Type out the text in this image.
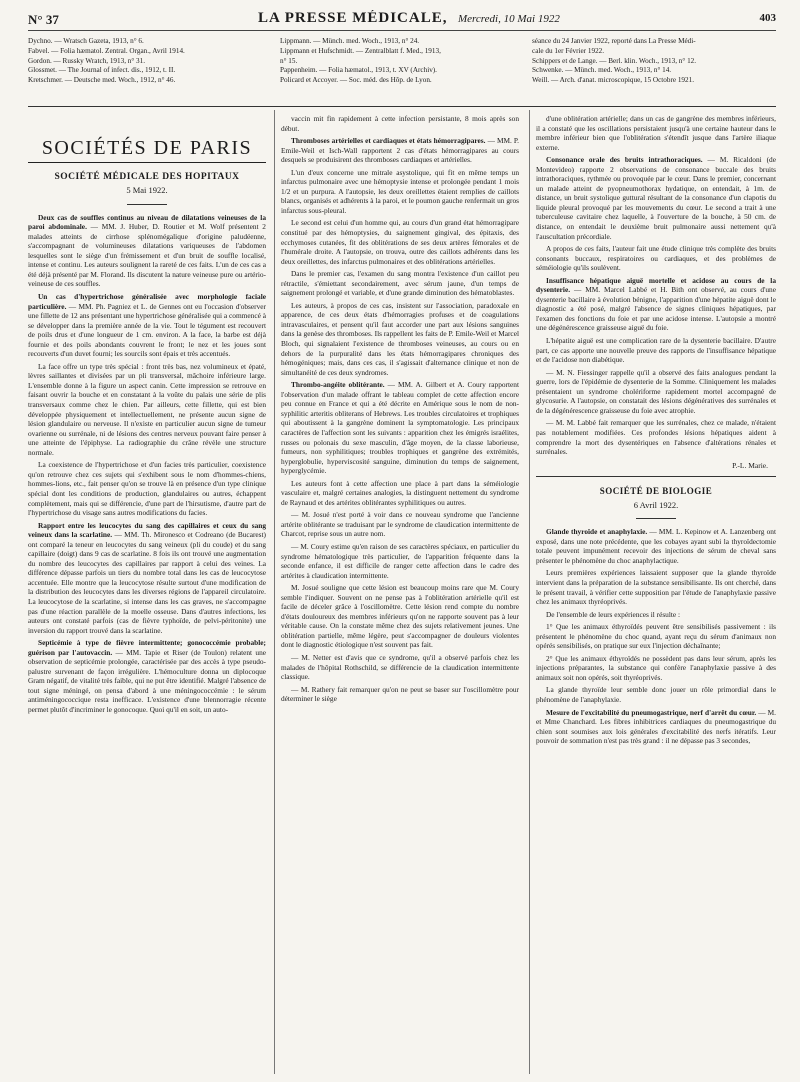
N° 37	LA PRESSE MÉDICALE, Mercredi, 10 Mai 1922	403
Dychno. — Wratsch Gazeta, 1913, n° 6.
Fabvel. — Folia hæmatol. Zentral. Organ., Avril 1914.
Gordon. — Russky Wratch, 1913, n° 31.
Glossmet. — The Journal of infect. dis., 1912, t. II.
Kretschmer. — Deutsche med. Woch., 1912, n° 46.
Lippmann. — Münch. med. Woch., 1913, n° 24.
Lippmann et Hufschmidt. — Zentralblatt f. Med., 1913,
n° 15.
Pappenheim. — Folia hæmatol., 1913, t. XV (Archiv).
Policard et Accoyer. — Soc. méd. des Hôp. de Lyon.
séance du 24 Janvier 1922, reporté dans La Presse Médi-
cale du 1er Février 1922.
Schippers et de Lange. — Berl. klin. Woch., 1913, n° 12.
Schwenke. — Münch. med. Woch., 1913, n° 14.
Weill. — Arch. d'anat. microscopique, 15 Octobre 1921.
SOCIÉTÉS DE PARIS
SOCIÉTÉ MÉDICALE DES HOPITAUX
5 Mai 1922.

Deux cas de souffles continus au niveau de dilatations veineuses de la paroi abdominale. — MM. J. Huber, D. Routier et M. Wolf présentent 2 malades atteints de cirrhose splénomégalique d'origine paludéenne, s'accompagnant de volumineuses dilatations variqueuses de l'abdomen lesquelles sont le siège d'un frémissement et d'un bruit de souffle localisé, intense et continu. Les auteurs soulignent la rareté de ces faits. L'un de ces cas a été déjà présenté par M. Florand. Ils discutent la nature veineuse pure ou artério-veineuse de ces souffles.

Un cas d'hypertrichose généralisée avec morphologie faciale particulière. — MM. Ph. Pagniez et L. de Gennes ont eu l'occasion d'observer une fillette de 12 ans présentant une hypertrichose généralisée qui a commencé à se développer dans la première année de la vie. Tout le tégument est recouvert de poils drus et d'une longueur de 1 cm. environ. A la face, la barbe est déjà fournie et des poils abondants couvrent le front; le nez et les joues sont recouverts d'un duvet fourni; les sourcils sont épais et très accentués.

La face offre un type très spécial : front très bas, nez volumineux et épaté, lèvres saillantes et divisées par un pli transversal, mâchoire inférieure large. L'ensemble donne à la figure un aspect canin. Cette impression se retrouve en faisant ouvrir la bouche et en constatant à la voûte du palais une série de plis transversaux comme chez le chien. Par ailleurs, cette fillette, qui est bien développée physiquement et intellectuellement, ne présente aucun signe de lésion glandulaire ou nerveuse. Il n'existe en particulier aucun signe de tumeur ovarienne ou surrénale, ni de lésions des centres nerveux pouvant faire penser à une atteinte de l'épiphyse. La radiographie du crâne révèle une structure normale.

La coexistence de l'hypertrichose et d'un facies très particulier, coexistence qu'on retrouve chez ces sujets qui s'exhibent sous le nom d'hommes-chiens, hommes-lions, etc., fait penser qu'on se trouve là en présence d'un type clinique spécial dont les conditions de production, glandulaires ou autres, échappent complètement, mais qui se différencie, d'une part de l'hirsutisme, d'autre part de l'hypertrichose du visage sans autres modifications du facies.

Rapport entre les leucocytes du sang des capillaires et ceux du sang veineux dans la scarlatine. — MM. Th. Mironesco et Codreano (de Bucarest) ont comparé la teneur en leucocytes du sang veineux (pli du coude) et du sang capillaire (doigt) dans 9 cas de scarlatine. 8 fois ils ont trouvé une augmentation du nombre des leucocytes des capillaires par rapport à celui des veines. La différence dépasse parfois un tiers du nombre total dans les cas de leucocytose accentuée. Elle montre que la leucocytose résulte surtout d'une modification de la distribution des leucocytes dans les diverses régions de l'appareil circulatoire. La leucocytose de la scarlatine, si intense dans les cas graves, ne s'accompagne pas d'une réaction parallèle de la moelle osseuse. Dans d'autres infections, les auteurs ont constaté parfois (cas de fièvre typhoïde, de pelvi-péritonite) une inversion du rapport trouvé dans la scarlatine.

Septicémie à type de fièvre intermittente; gonococcémie probable; guérison par l'autovaccin. — MM. Tapie et Riser (de Toulon) relatent une observation de septicémie prolongée, caractérisée par des accès à type pseudo-palustre survenant de façon irrégulière. L'hémoculture donna un diplocoque Gram négatif, de vitalité très faible, qui ne put être identifié. Malgré l'absence de tout signe méningé, on pensa d'abord à une méningococcémie : le sérum antiméningococcique resta inefficace. L'existence d'une blennorragie récente permet plutôt d'incriminer le gonocoque. Quoi qu'il en soit, un auto-

vaccin mit fin rapidement à cette infection persistante, 8 mois après son début.

Thromboses artérielles et cardiaques et états hémorragipares. — MM. P. Emile-Weil et Isch-Wall rapportent 2 cas d'états hémorragipares au cours desquels se produisirent des thromboses cardiaques et artérielles.

L'un d'eux concerne une mitrale asystolique, qui fit en même temps un infarctus pulmonaire avec une hémoptysie intense et prolongée pendant 1 mois 1/2 et un purpura. A l'autopsie, les deux oreillettes étaient remplies de caillots blancs, organisés et adhérents à la paroi, et le poumon gauche renfermait un gros infarctus sous-pleural.

Le second est celui d'un homme qui, au cours d'un grand état hémorragipare constitué par des hémoptysies, du saignement gingival, des épitaxis, des ecchymoses cutanées, fit des oblitérations de ses deux artères fémorales et de l'humérale droite. A l'autopsie, on trouva, outre des caillots adhérents dans les deux oreillettes, des infarctus pulmonaires et des oblitérations artérielles.

Dans le premier cas, l'examen du sang montra l'existence d'un caillot peu rétractile, s'émiettant secondairement, avec sérum jaune, d'un temps de saignement prolongé et variable, et d'une grande diminution des hématoblastes.

Les auteurs, à propos de ces cas, insistent sur l'association, paradoxale en apparence, de ces deux états d'hémorragies profuses et de coagulations intravasculaires, et pensent qu'il faut accorder une part aux lésions sanguines dans la genèse des thromboses. Ils rappellent les faits de P. Emile-Weil et Marcel Bloch, qui signalaient l'existence de thromboses veineuses, au cours ou en dehors de la purpuralité dans les états hémorragipares chroniques des hémogéniques; mais, dans ces cas, il s'agissait d'alternance clinique et non de simultanéité de ces deux syndromes.

Thrombo-angéite oblitérante. — MM. A. Gilbert et A. Coury rapportent l'observation d'un malade offrant le tableau complet de cette affection encore peu connue en France et qui a été décrite en Amérique sous le nom de non-syphilitic arteritis obliterans of Hebrews. Les troubles circulatoires et trophiques qui aboutissent à la gangrène dominent la symptomatologie. Les principaux caractères de l'affection sont les suivants : apparition chez les émigrés israélites, russes ou polonais du sexe masculin, d'âge moyen, de la classe laborieuse, fumeurs, non syphilitiques; troubles trophiques et gangrène des extrémités, hyperglobulie, hyperviscosité sanguine, diminution du temps de saignement, hyperglycémie.

Les auteurs font à cette affection une place à part dans la séméiologie vasculaire et, malgré certaines analogies, la distinguent nettement du syndrome de Raynaud et des artérites oblitérantes syphilitiques ou autres.

— M. Josué n'est porté à voir dans ce nouveau syndrome que l'ancienne artérite oblitérante se traduisant par le syndrome de claudication intermittente de Charcot, reprise sous un autre nom.

— M. Coury estime qu'en raison de ses caractères spéciaux, en particulier du syndrome hématologique très particulier, de l'apparition fréquente dans la seconde enfance, il est difficile de ranger cette affection dans le cadre des artérites à claudication intermittente.

M. Josué souligne que cette lésion est beaucoup moins rare que M. Coury semble l'indiquer. Souvent on ne pense pas à l'oblitération artérielle qu'il est facile de déceler grâce à l'oscillomètre. Cette lésion rend compte du nombre d'états douloureux des membres inférieurs qu'on ne rapporte souvent pas à leur véritable cause. On la constate même chez des sujets relativement jeunes. Une oblitération partielle, même légère, peut s'accompagner de douleurs violentes dont le diagnostic étiologique n'est souvent pas fait.

— M. Netter est d'avis que ce syndrome, qu'il a observé parfois chez les malades de l'hôpital Rothschild, se différencie de la claudication intermittente classique.

— M. Rathery fait remarquer qu'on ne peut se baser sur l'oscillomètre pour déterminer le siège

d'une oblitération artérielle; dans un cas de gangrène des membres inférieurs, il a constaté que les oscillations persistaient jusqu'à une certaine hauteur dans le membre inférieur bien que l'oblitération s'étendît jusque dans l'artère iliaque externe.

Consonance orale des bruits intrathoraciques. — M. Ricaldoni (de Montevideo) rapporte 2 observations de consonance buccale des bruits intrathoraciques, rythmée ou provoquée par le cœur. Dans le premier, concernant un malade atteint de pyopneumothorax hydatique, on entendait, à 1m. de distance, un bruit systolique guttural résultant de la consonance d'un clapotis du liquide pleural provoqué par les mouvements du cœur. Le second a trait à une tuberculeuse cavitaire chez laquelle, à l'ouverture de la bouche, à 50 cm. de distance, on entendait le deuxième bruit pulmonaire aussi nettement qu'à l'auscultation précordiale.

A propos de ces faits, l'auteur fait une étude clinique très complète des bruits consonants buccaux, respiratoires ou cardiaques, et des problèmes de séméiologie qu'ils soulèvent.

Insuffisance hépatique aiguë mortelle et acidose au cours de la dysenterie. — MM. Marcel Labbé et H. Bith ont observé, au cours d'une dysenterie bacillaire à évolution bénigne, l'apparition d'une hépatite aiguë dont le diagnostic a été posé, malgré l'absence de signes cliniques hépatiques, par l'examen des fonctions du foie et par une acidose intense. L'autopsie a montré une dégénérescence graisseuse aiguë du foie.

L'hépatite aiguë est une complication rare de la dysenterie bacillaire. D'autre part, ce cas apporte une nouvelle preuve des rapports de l'insuffisance hépatique et de l'acidose non diabétique.

— M. N. Fiessinger rappelle qu'il a observé des faits analogues pendant la guerre, lors de l'épidémie de dysenterie de la Somme. Cliniquement les malades présentaient un syndrome cholériforme rapidement mortel accompagné de glycosurie. A l'autopsie, on constatait des lésions dégénératives des surrénales et de la dégénérescence graisseuse du foie avec atrophie.

— M. M. Labbé fait remarquer que les surrénales, chez ce malade, n'étaient pas notablement modifiées. Ces profondes lésions hépatiques aident à comprendre la mort des dysentériques en l'absence d'altérations rénales et surrénales.

P.-L. Marie.
SOCIÉTÉ DE BIOLOGIE
6 Avril 1922.

Glande thyroïde et anaphylaxie. — MM. L. Kepinow et A. Lanzenberg ont exposé, dans une note précédente, que les cobayes ayant subi la thyroïdectomie totale peuvent impunément recevoir des injections de sérum de cheval sans présenter le phénomène du choc anaphylactique.

Leurs premières expériences laissaient supposer que la glande thyroïde intervient dans la préparation de la substance sensibilisante. Ils ont cherché, dans le présent travail, à vérifier cette supposition par l'étude de l'anaphylaxie passive chez les animaux thyréoprivés.

De l'ensemble de leurs expériences il résulte :

1° Que les animaux éthyroïdés peuvent être sensibilisés passivement : ils présentent le phénomène du choc quand, ayant reçu du sérum d'animaux non opérés sensibilisés, on pratique sur eux l'injection déchaînante;

2° Que les animaux éthyroïdés ne possèdent pas dans leur sérum, après les injections préparantes, la substance qui confère l'anaphylaxie passive à des animaux soit non opérés, soit thyréoprivés.

La glande thyroïde leur semble donc jouer un rôle primordial dans le phénomène de l'anaphylaxie.

Mesure de l'excitabilité du pneumogastrique, nerf d'arrêt du cœur. — M. et Mme Chanchard. Les fibres inhibitrices cardiaques du pneumogastrique du chien sont soumises aux lois générales d'excitabilité des nerfs itératifs. Leur pouvoir de sommation n'est pas très grand : il ne dépasse pas 3 secondes,
